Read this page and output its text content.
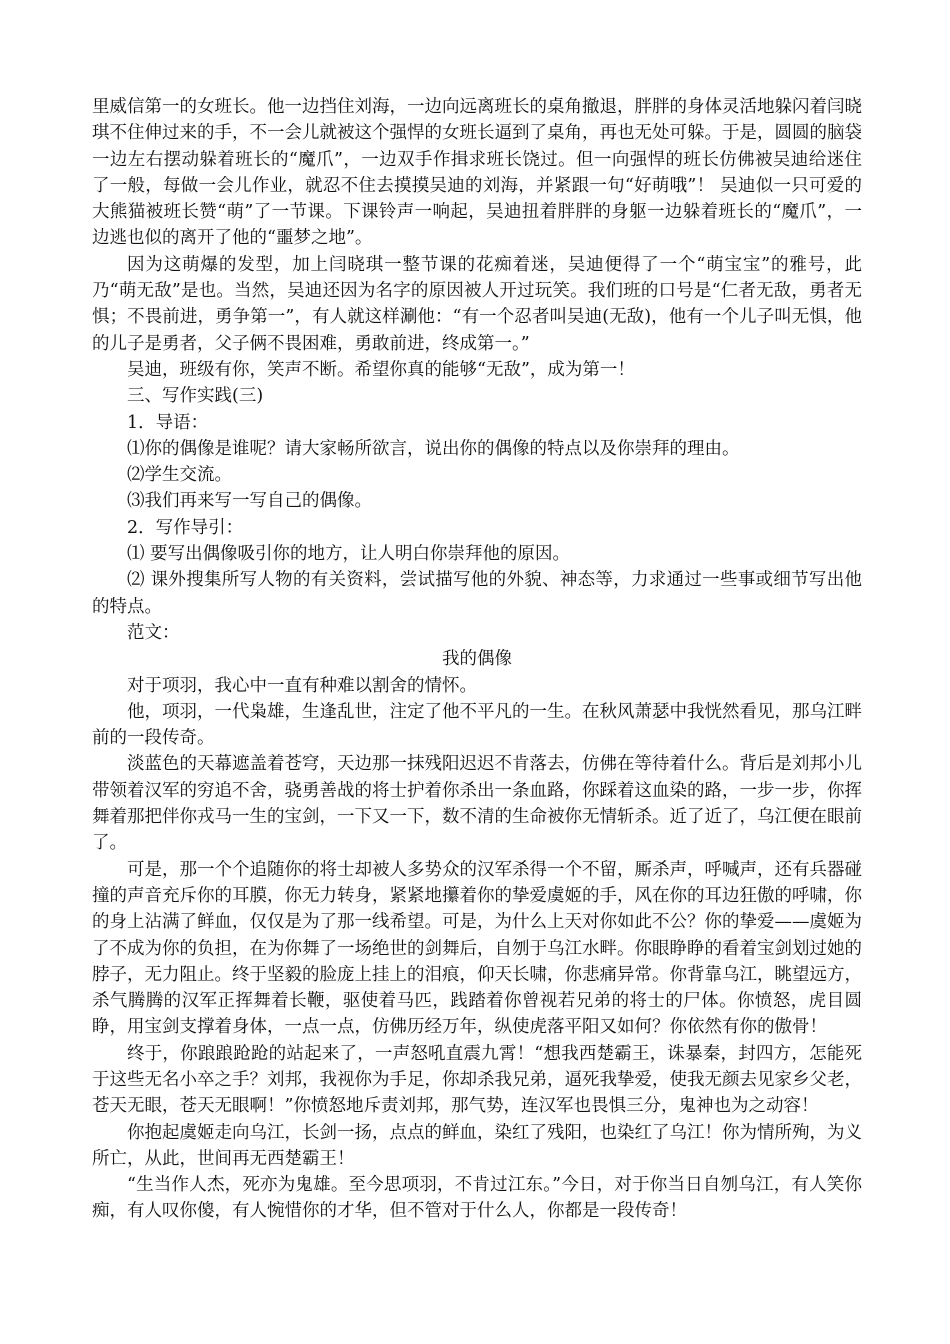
里威信第一的女班长。他一边挡住刘海，一边向远离班长的桌角撤退，胖胖的身体灵活地躲闪着闫晓琪不住伸过来的手，不一会儿就被这个强悍的女班长逼到了桌角，再也无处可躲。于是，圆圆的脑袋一边左右摆动躲着班长的“魔爪”，一边双手作揖求班长饶过。但一向强悍的班长仿佛被吴迪给迷住了一般，每做一会儿作业，就忍不住去摸摸吴迪的刘海，并紧跟一句“好萌哦”！ 吴迪似一只可爱的大熊猫被班长赞“萌”了一节课。下课铃声一响起，吴迪扭着胖胖的身躯一边躲着班长的“魔爪”，一边逃也似的离开了他的“噩梦之地”。

因为这萌爆的发型，加上闫晓琪一整节课的花痴着迷，吴迪便得了一个“萌宝宝”的雅号，此乃“萌无敌”是也。当然，吴迪还因为名字的原因被人开过玩笑。我们班的口号是“仁者无敌，勇者无惧；不畏前进，勇争第一”，有人就这样涮他：“有一个忍者叫吴迪(无敌)，他有一个儿子叫无惧，他的儿子是勇者，父子俩不畏困难，勇敢前进，终成第一。”

吴迪，班级有你，笑声不断。希望你真的能够“无敌”，成为第一！

三、写作实践(三)

1．导语：

⑴你的偶像是谁呢？请大家畅所欲言，说出你的偶像的特点以及你崇拜的理由。

⑵学生交流。

⑶我们再来写一写自己的偶像。

2．写作导引：

⑴ 要写出偶像吸引你的地方，让人明白你崇拜他的原因。

⑵ 课外搜集所写人物的有关资料，尝试描写他的外貌、神态等，力求通过一些事或细节写出他的特点。

范文：

我的偶像

对于项羽，我心中一直有种难以割舍的情怀。

他，项羽，一代枭雄，生逢乱世，注定了他不平凡的一生。在秋风萧瑟中我恍然看见，那乌江畔前的一段传奇。

淡蓝色的天幕遮盖着苍穹，天边那一抹残阳迟迟不肯落去，仿佛在等待着什么。背后是刘邦小儿带领着汉军的穷追不舍，骁勇善战的将士护着你杀出一条血路，你踩着这血染的路，一步一步，你挥舞着那把伴你戎马一生的宝剑，一下又一下，数不清的生命被你无情斩杀。近了近了，乌江便在眼前了。

可是，那一个个追随你的将士却被人多势众的汉军杀得一个不留，厮杀声，呼喊声，还有兵器碰撞的声音充斥你的耳膜，你无力转身，紧紧地攥着你的挚爱虞姬的手，风在你的耳边狂傲的呼啸，你的身上沾满了鲜血，仅仅是为了那一线希望。可是，为什么上天对你如此不公？你的挚爱——虞姬为了不成为你的负担，在为你舞了一场绝世的剑舞后，自刎于乌江水畔。你眼睁睁的看着宝剑划过她的脖子，无力阻止。终于坚毅的脸庞上挂上的泪痕，仰天长啸，你悲痛异常。你背靠乌江，眺望远方，杀气腾腾的汉军正挥舞着长鞭，驱使着马匹，践踏着你曾视若兄弟的将士的尸体。你愤怒，虎目圆睁，用宝剑支撑着身体，一点一点，仿佛历经万年，纵使虎落平阳又如何？你依然有你的傲骨！

终于，你踉踉跄跄的站起来了，一声怒吼直震九霄！“想我西楚霸王，诛暴秦，封四方，怎能死于这些无名小卒之手？刘邦，我视你为手足，你却杀我兄弟，逼死我挚爱，使我无颜去见家乡父老，苍天无眼，苍天无眼啊！”你愤怒地斥责刘邦，那气势，连汉军也畏惧三分，鬼神也为之动容！

你抱起虞姬走向乌江，长剑一扬，点点的鲜血，染红了残阳，也染红了乌江！你为情所殉，为义所亡，从此，世间再无西楚霸王！

“生当作人杰，死亦为鬼雄。至今思项羽，不肯过江东。”今日，对于你当日自刎乌江，有人笑你痴，有人叹你傻，有人惋惜你的才华，但不管对于什么人，你都是一段传奇！
